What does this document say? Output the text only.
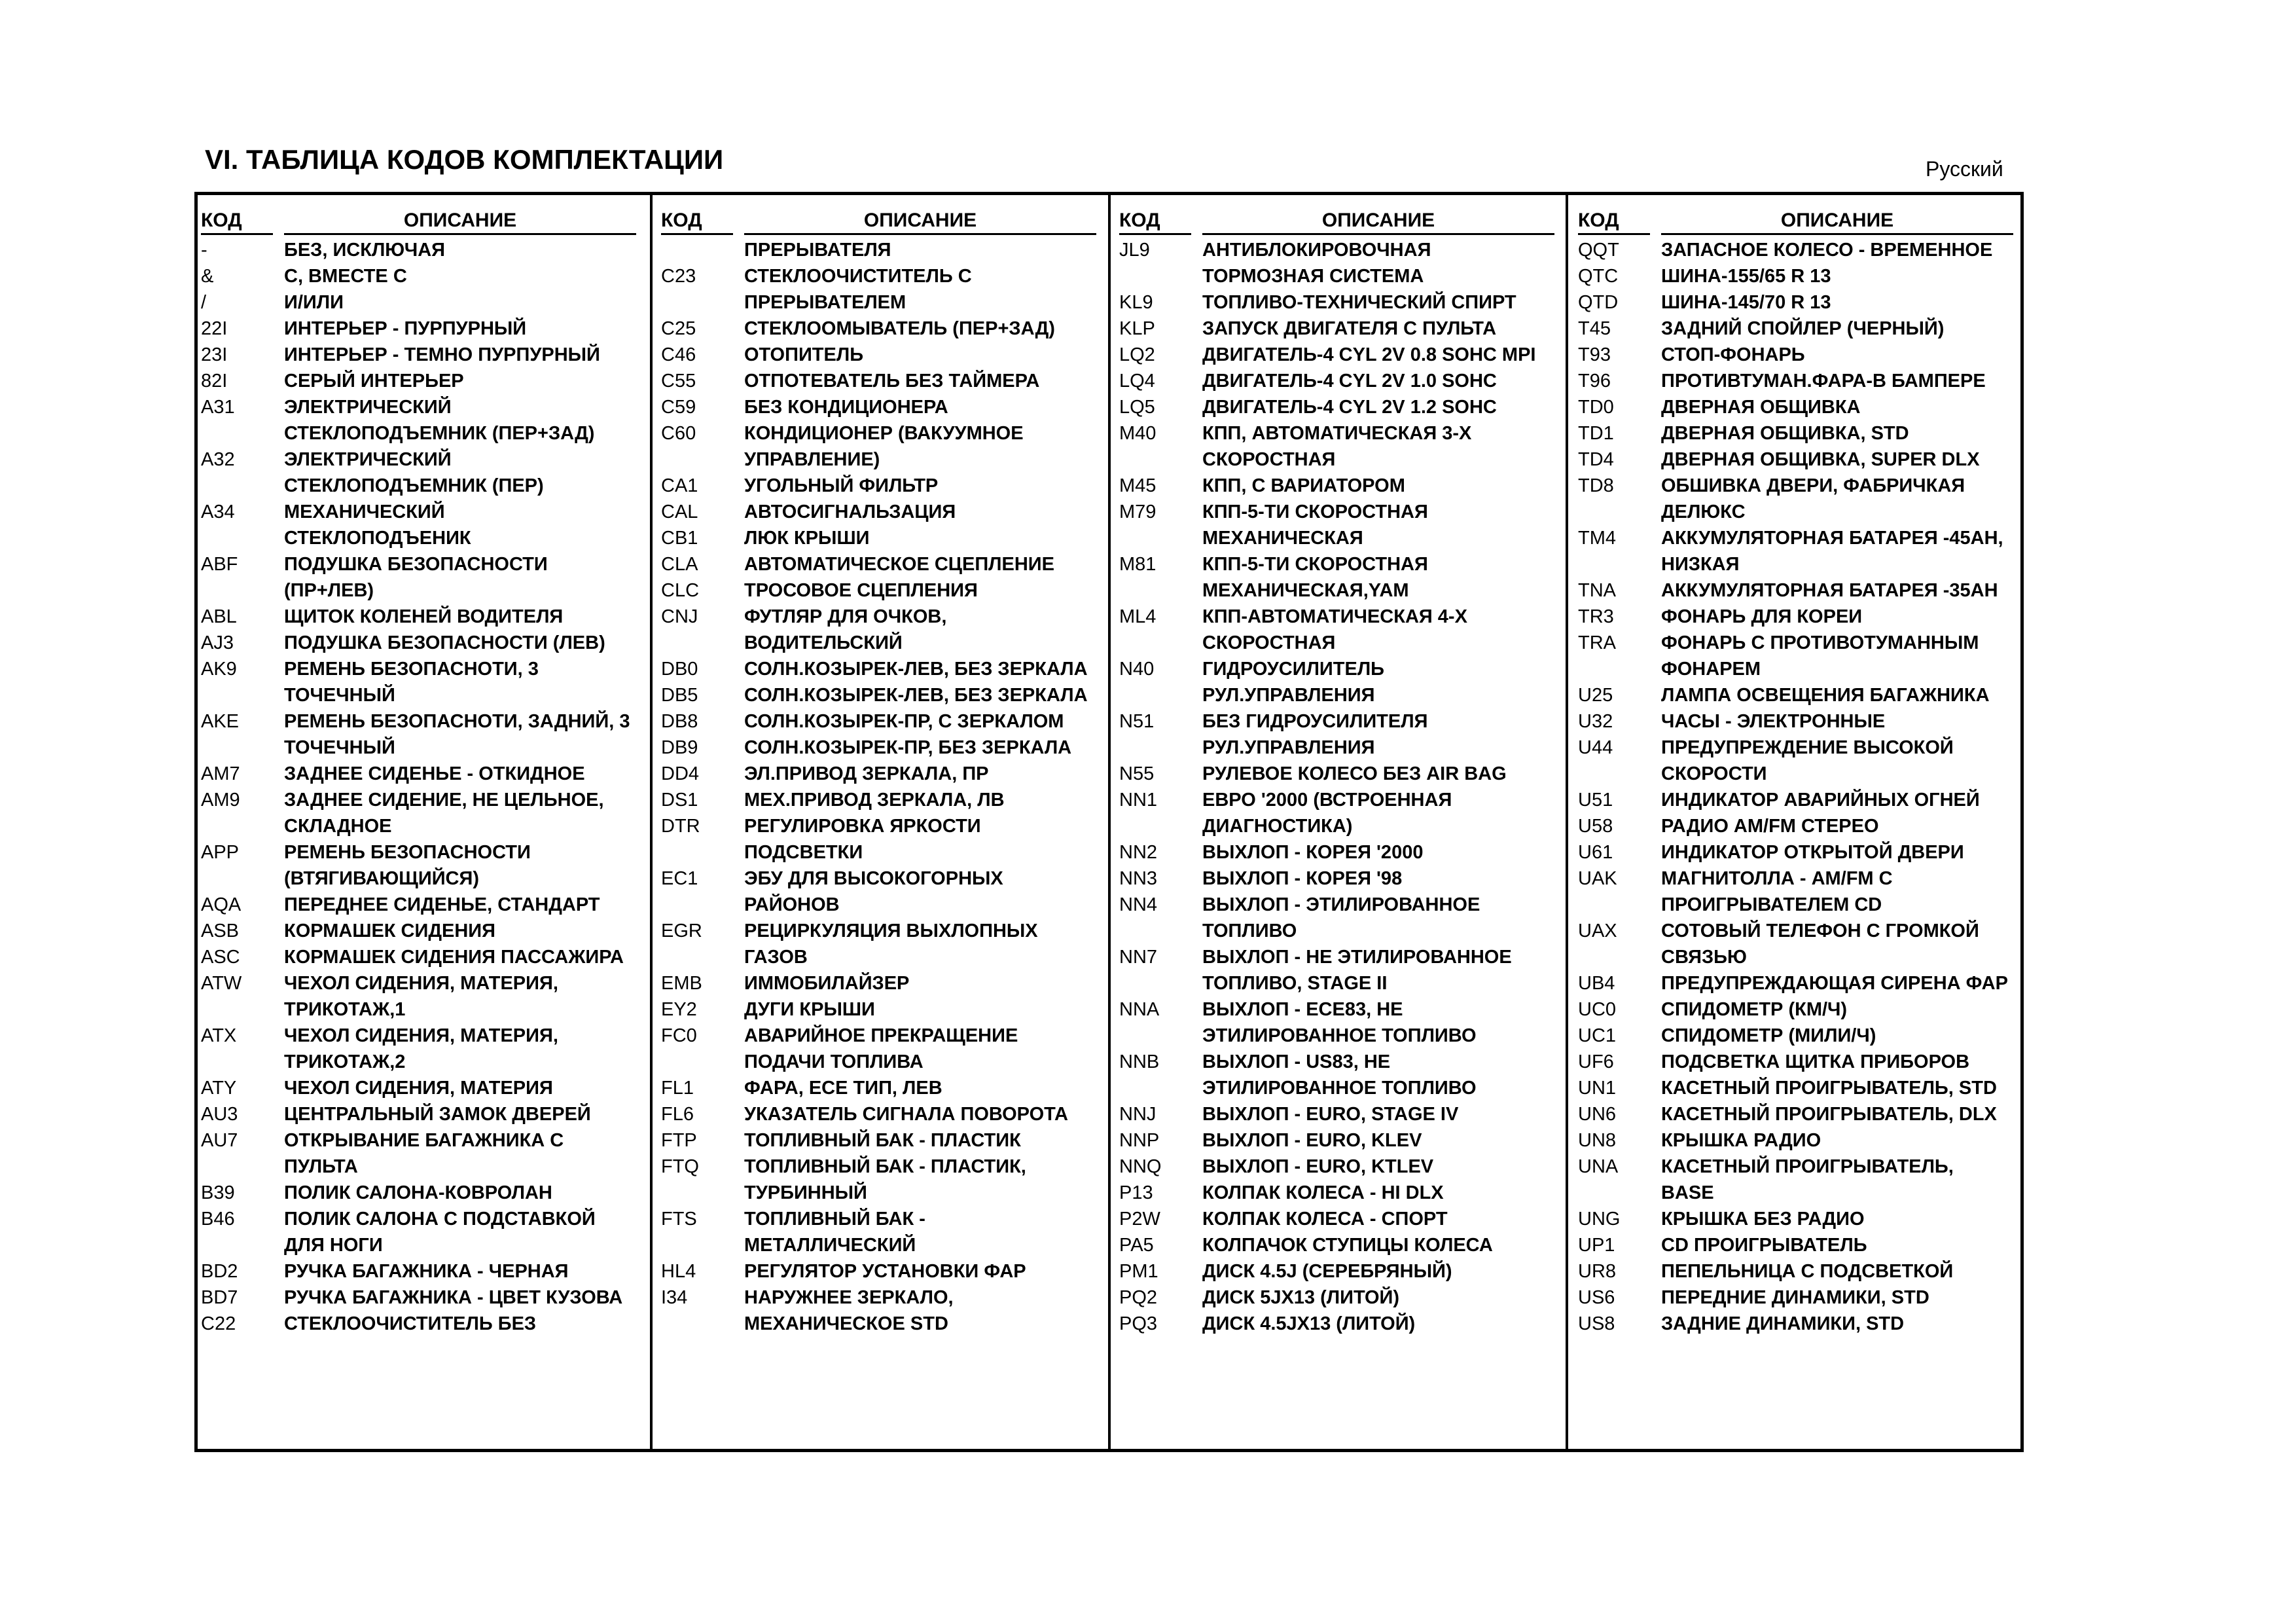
VI. ТАБЛИЦА КОДОВ КОМПЛЕКТАЦИИ	Русский
КОД	ОПИСАНИЕ
-	БЕЗ, ИСКЛЮЧАЯ
&	С, ВМЕСТЕ С
/	И/ИЛИ
22I	ИНТЕРЬЕР - ПУРПУРНЫЙ
23I	ИНТЕРЬЕР - ТЕМНО ПУРПУРНЫЙ
82I	СЕРЫЙ ИНТЕРЬЕР
A31	ЭЛЕКТРИЧЕСКИЙ
СТЕКЛОПОДЪЕМНИК (ПЕР+ЗАД)
A32	ЭЛЕКТРИЧЕСКИЙ
СТЕКЛОПОДЪЕМНИК (ПЕР)
A34	МЕХАНИЧЕСКИЙ
СТЕКЛОПОДЪЕНИК
ABF	ПОДУШКА БЕЗОПАСНОСТИ
(ПР+ЛЕВ)
ABL	ЩИТОК КОЛЕНЕЙ ВОДИТЕЛЯ
AJ3	ПОДУШКА БЕЗОПАСНОСТИ (ЛЕВ)
AK9	РЕМЕНЬ БЕЗОПАСНОТИ, 3
ТОЧЕЧНЫЙ
AKE	РЕМЕНЬ БЕЗОПАСНОТИ, ЗАДНИЙ, 3
ТОЧЕЧНЫЙ
AM7	ЗАДНЕЕ СИДЕНЬЕ - ОТКИДНОЕ
AM9	ЗАДНЕЕ СИДЕНИЕ, НЕ ЦЕЛЬНОЕ,
СКЛАДНОЕ
APP	РЕМЕНЬ БЕЗОПАСНОСТИ
(ВТЯГИВАЮЩИЙСЯ)
AQA	ПЕРЕДНЕЕ СИДЕНЬЕ, СТАНДАРТ
ASB	КОРМАШЕК СИДЕНИЯ
ASC	КОРМАШЕК СИДЕНИЯ ПАССАЖИРА
ATW	ЧЕХОЛ СИДЕНИЯ, МАТЕРИЯ,
ТРИКОТАЖ,1
ATX	ЧЕХОЛ СИДЕНИЯ, МАТЕРИЯ,
ТРИКОТАЖ,2
ATY	ЧЕХОЛ СИДЕНИЯ, МАТЕРИЯ
AU3	ЦЕНТРАЛЬНЫЙ ЗАМОК ДВЕРЕЙ
AU7	ОТКРЫВАНИЕ БАГАЖНИКА С
ПУЛЬТА
B39	ПОЛИК САЛОНА-КОВРОЛАН
B46	ПОЛИК САЛОНА С ПОДСТАВКОЙ
ДЛЯ НОГИ
BD2	РУЧКА БАГАЖНИКА - ЧЕРНАЯ
BD7	РУЧКА БАГАЖНИКА - ЦВЕТ КУЗОВА
C22	СТЕКЛООЧИСТИТЕЛЬ БЕЗ
КОД	ОПИСАНИЕ
ПРЕРЫВАТЕЛЯ
C23	СТЕКЛООЧИСТИТЕЛЬ С
ПРЕРЫВАТЕЛЕМ
C25	СТЕКЛООМЫВАТЕЛЬ (ПЕР+ЗАД)
C46	ОТОПИТЕЛЬ
C55	ОТПОТЕВАТЕЛЬ БЕЗ ТАЙМЕРА
C59	БЕЗ КОНДИЦИОНЕРА
C60	КОНДИЦИОНЕР (ВАКУУМНОЕ
УПРАВЛЕНИЕ)
CA1	УГОЛЬНЫЙ ФИЛЬТР
CAL	АВТОСИГНАЛЬЗАЦИЯ
CB1	ЛЮК КРЫШИ
CLA	АВТОМАТИЧЕСКОЕ СЦЕПЛЕНИЕ
CLC	ТРОСОВОЕ СЦЕПЛЕНИЯ
CNJ	ФУТЛЯР ДЛЯ ОЧКОВ,
ВОДИТЕЛЬСКИЙ
DB0	СОЛН.КОЗЫРЕК-ЛЕВ, БЕЗ ЗЕРКАЛА
DB5	СОЛН.КОЗЫРЕК-ЛЕВ, БЕЗ ЗЕРКАЛА
DB8	СОЛН.КОЗЫРЕК-ПР, С ЗЕРКАЛОМ
DB9	СОЛН.КОЗЫРЕК-ПР, БЕЗ ЗЕРКАЛА
DD4	ЭЛ.ПРИВОД ЗЕРКАЛА, ПР
DS1	МЕХ.ПРИВОД ЗЕРКАЛА, ЛВ
DTR	РЕГУЛИРОВКА ЯРКОСТИ
ПОДСВЕТКИ
EC1	ЭБУ ДЛЯ ВЫСОКОГОРНЫХ
РАЙОНОВ
EGR	РЕЦИРКУЛЯЦИЯ ВЫХЛОПНЫХ
ГАЗОВ
EMB	ИММОБИЛАЙЗЕР
EY2	ДУГИ КРЫШИ
FC0	АВАРИЙНОЕ ПРЕКРАЩЕНИЕ
ПОДАЧИ ТОПЛИВА
FL1	ФАРА, ЕСЕ ТИП, ЛЕВ
FL6	УКАЗАТЕЛЬ СИГНАЛА ПОВОРОТА
FTP	ТОПЛИВНЫЙ БАК - ПЛАСТИК
FTQ	ТОПЛИВНЫЙ БАК - ПЛАСТИК,
ТУРБИННЫЙ
FTS	ТОПЛИВНЫЙ БАК -
МЕТАЛЛИЧЕСКИЙ
HL4	РЕГУЛЯТОР УСТАНОВКИ ФАР
I34	НАРУЖНЕЕ ЗЕРКАЛО,
МЕХАНИЧЕСКОЕ STD
КОД	ОПИСАНИЕ
JL9	АНТИБЛОКИРОВОЧНАЯ
ТОРМОЗНАЯ СИСТЕМА
KL9	ТОПЛИВО-ТЕХНИЧЕСКИЙ СПИРТ
KLP	ЗАПУСК ДВИГАТЕЛЯ С ПУЛЬТА
LQ2	ДВИГАТЕЛЬ-4 CYL 2V 0.8 SOHC MPI
LQ4	ДВИГАТЕЛЬ-4 CYL 2V 1.0 SOHC
LQ5	ДВИГАТЕЛЬ-4 CYL 2V 1.2 SOHC
M40	КПП, АВТОМАТИЧЕСКАЯ 3-Х
СКОРОСТНАЯ
M45	КПП, С ВАРИАТОРОМ
M79	КПП-5-ТИ СКОРОСТНАЯ
МЕХАНИЧЕСКАЯ
M81	КПП-5-ТИ СКОРОСТНАЯ
МЕХАНИЧЕСКАЯ,YAM
ML4	КПП-АВТОМАТИЧЕСКАЯ 4-Х
СКОРОСТНАЯ
N40	ГИДРОУСИЛИТЕЛЬ
РУЛ.УПРАВЛЕНИЯ
N51	БЕЗ ГИДРОУСИЛИТЕЛЯ
РУЛ.УПРАВЛЕНИЯ
N55	РУЛЕВОЕ КОЛЕСО БЕЗ AIR BAG
NN1	ЕВРО '2000 (ВСТРОЕННАЯ
ДИАГНОСТИКА)
NN2	ВЫХЛОП - КОРЕЯ '2000
NN3	ВЫХЛОП - КОРЕЯ '98
NN4	ВЫХЛОП - ЭТИЛИРОВАННОЕ
ТОПЛИВО
NN7	ВЫХЛОП - НЕ ЭТИЛИРОВАННОЕ
ТОПЛИВО, STAGE II
NNA	ВЫХЛОП - ECE83, НЕ
ЭТИЛИРОВАННОЕ ТОПЛИВО
NNB	ВЫХЛОП - US83, НЕ
ЭТИЛИРОВАННОЕ ТОПЛИВО
NNJ	ВЫХЛОП - EURO, STAGE IV
NNP	ВЫХЛОП - EURO, KLEV
NNQ	ВЫХЛОП - EURO, KTLEV
P13	КОЛПАК КОЛЕСА - HI DLX
P2W	КОЛПАК КОЛЕСА - СПОРТ
PA5	КОЛПАЧОК СТУПИЦЫ КОЛЕСА
PM1	ДИСК 4.5J (СЕРЕБРЯНЫЙ)
PQ2	ДИСК 5JX13 (ЛИТОЙ)
PQ3	ДИСК 4.5JX13 (ЛИТОЙ)
КОД	ОПИСАНИЕ
QQT	ЗАПАСНОЕ КОЛЕСО - ВРЕМЕННОЕ
QTC	ШИНА-155/65 R 13
QTD	ШИНА-145/70 R 13
T45	ЗАДНИЙ СПОЙЛЕР (ЧЕРНЫЙ)
T93	СТОП-ФОНАРЬ
T96	ПРОТИВТУМАН.ФАРА-В БАМПЕРЕ
TD0	ДВЕРНАЯ ОБЩИВКА
TD1	ДВЕРНАЯ ОБЩИВКА, STD
TD4	ДВЕРНАЯ ОБЩИВКА, SUPER DLX
TD8	ОБШИВКА ДВЕРИ, ФАБРИЧКАЯ
ДЕЛЮКС
TM4	АККУМУЛЯТОРНАЯ БАТАРЕЯ -45АН,
НИЗКАЯ
TNA	АККУМУЛЯТОРНАЯ БАТАРЕЯ -35АН
TR3	ФОНАРЬ ДЛЯ КОРЕИ
TRA	ФОНАРЬ С ПРОТИВОТУМАННЫМ
ФОНАРЕМ
U25	ЛАМПА ОСВЕЩЕНИЯ БАГАЖНИКА
U32	ЧАСЫ - ЭЛЕКТРОННЫЕ
U44	ПРЕДУПРЕЖДЕНИЕ ВЫСОКОЙ
СКОРОСТИ
U51	ИНДИКАТОР АВАРИЙНЫХ ОГНЕЙ
U58	РАДИО AM/FM СТЕРЕО
U61	ИНДИКАТОР ОТКРЫТОЙ ДВЕРИ
UAK	МАГНИТОЛЛА - AM/FM С
ПРОИГРЫВАТЕЛЕМ CD
UAX	СОТОВЫЙ ТЕЛЕФОН С ГРОМКОЙ
СВЯЗЬЮ
UB4	ПРЕДУПРЕЖДАЮЩАЯ СИРЕНА ФАР
UC0	СПИДОМЕТР (КМ/Ч)
UC1	СПИДОМЕТР (МИЛИ/Ч)
UF6	ПОДСВЕТКА ЩИТКА ПРИБОРОВ
UN1	КАСЕТНЫЙ ПРОИГРЫВАТЕЛЬ, STD
UN6	КАСЕТНЫЙ ПРОИГРЫВАТЕЛЬ, DLX
UN8	КРЫШКА РАДИО
UNA	КАСЕТНЫЙ ПРОИГРЫВАТЕЛЬ,
BASE
UNG	КРЫШКА БЕЗ РАДИО
UP1	CD ПРОИГРЫВАТЕЛЬ
UR8	ПЕПЕЛЬНИЦА С ПОДСВЕТКОЙ
US6	ПЕРЕДНИЕ ДИНАМИКИ, STD
US8	ЗАДНИЕ ДИНАМИКИ, STD
